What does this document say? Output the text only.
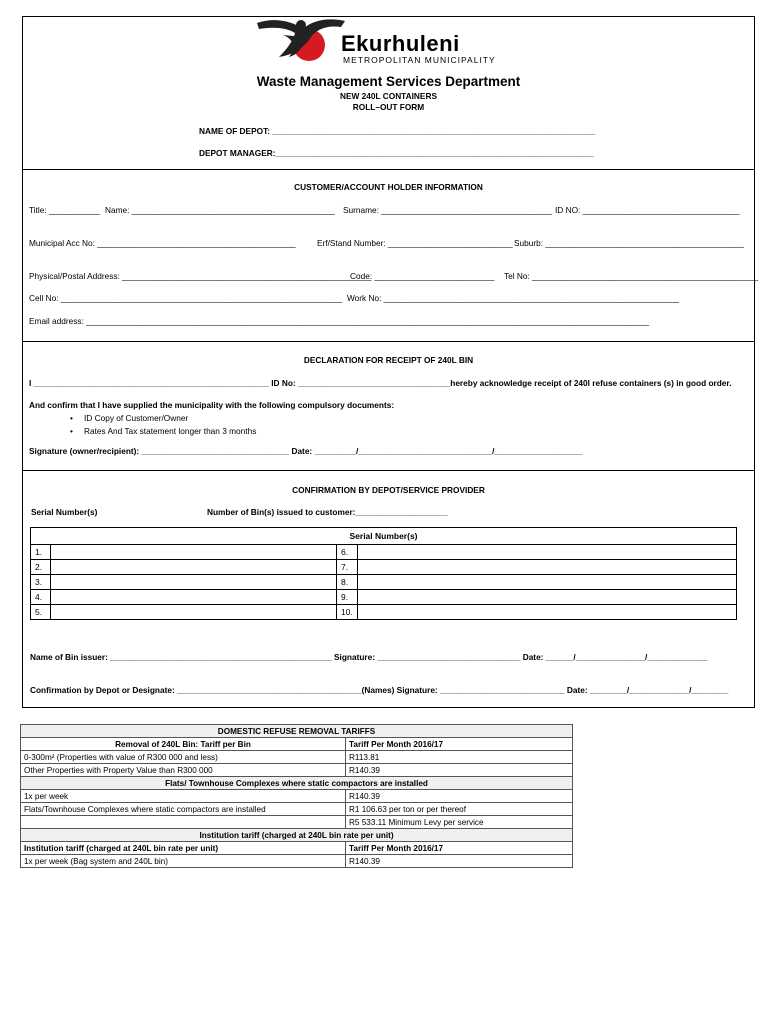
Ekurhuleni
METROPOLITAN MUNICIPALITY
Waste Management Services Department
NEW 240L CONTAINERS
ROLL–OUT FORM
NAME OF DEPOT: ______________________________________________________________________
DEPOT MANAGER:_____________________________________________________________________
CUSTOMER/ACCOUNT HOLDER INFORMATION
Title: ___________ Name: ____________________________________________ Surname: _____________________________________ ID NO: __________________________________
Municipal Acc No: ___________________________________________	Erf/Stand Number: ___________________________ Suburb: ___________________________________________
Physical/Postal Address: ______________________________________________________
Code: __________________________ Tel No: _________________________________________________
Cell No: _____________________________________________________________ Work No: ________________________________________________________________
Email address: __________________________________________________________________________________________________________________________
DECLARATION FOR RECEIPT OF 240L BIN
I ___________________________________________________ ID No: _________________________________hereby acknowledge receipt of 240l refuse containers (s) in good order.
And confirm that I have supplied the municipality with the following compulsory documents:
• ID Copy of Customer/Owner
• Rates And Tax statement longer than 3 months
Signature (owner/recipient): ________________________________ Date: _________/_____________________________/___________________
CONFIRMATION BY DEPOT/SERVICE PROVIDER
Serial Number(s)	Number of Bin(s) issued to customer:____________________
Serial Number(s)			
1.		6.	
2.		7.	
3.		8.	
4.		9.	
5.		10.	
Name of Bin issuer: ________________________________________________ Signature: _______________________________ Date: ______/_______________/_____________
Confirmation by Depot or Designate: ________________________________________(Names) Signature: ___________________________ Date: ________/_____________/________
DOMESTIC REFUSE REMOVAL TARIFFS	
Removal of 240L Bin: Tariff per Bin	Tariff Per Month 2016/17
0-300m² (Properties with value of R300 000 and less)	R113.81
Other Properties with Property Value than R300 000	R140.39
Flats/ Townhouse Complexes where static compactors are installed	
1x per week	R140.39
Flats/Townhouse Complexes where static compactors are installed	R1 106.63 per ton or per thereof
	R5 533.11 Minimum Levy per service
Institution tariff (charged at 240L bin rate per unit)	
Institution tariff (charged at 240L bin rate per unit)	Tariff Per Month 2016/17
1x per week (Bag system and 240L bin)	R140.39
